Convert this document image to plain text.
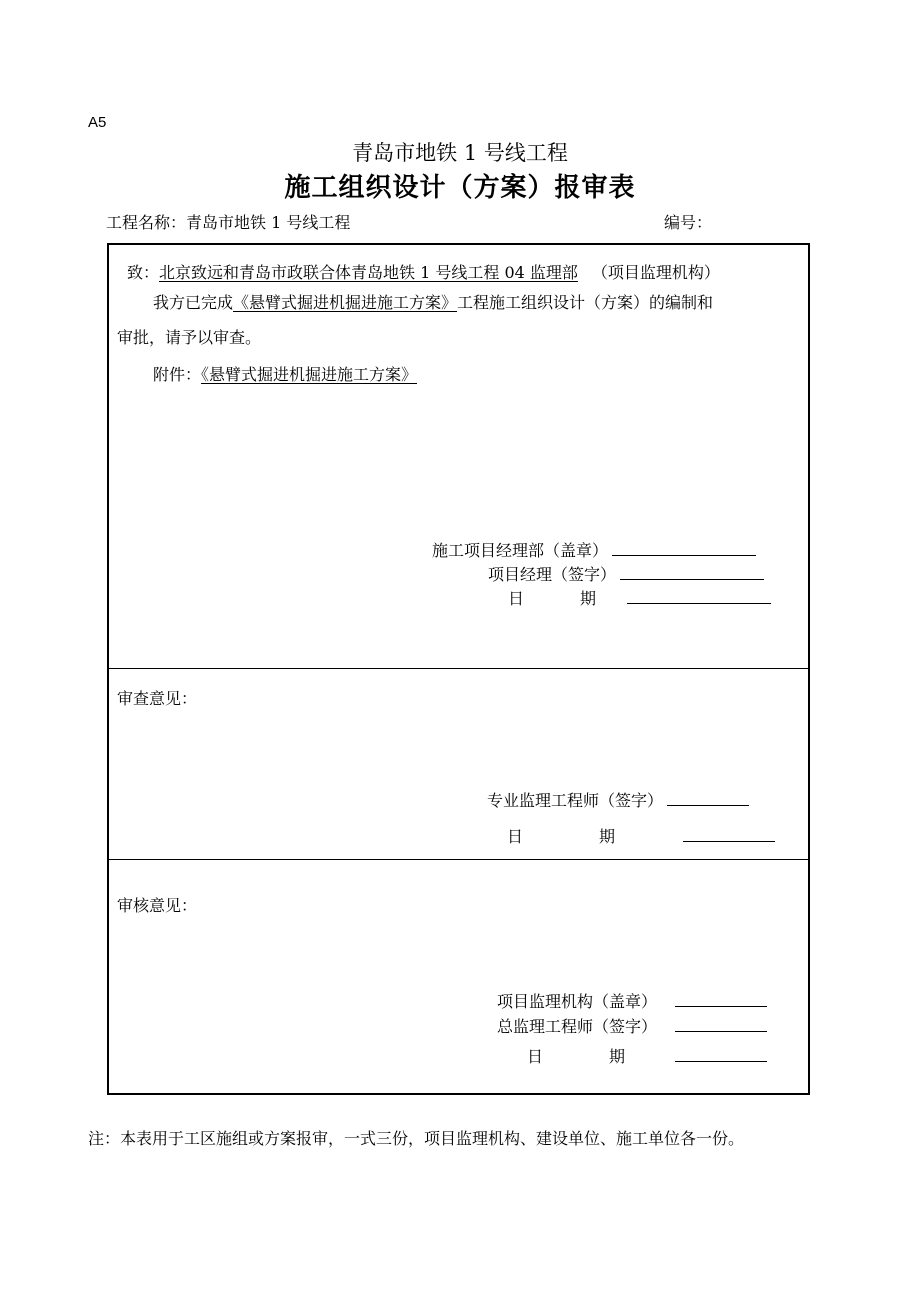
A5
青岛市地铁 1 号线工程
施工组织设计（方案）报审表
工程名称：青岛市地铁 1 号线工程	编号：
致：北京致远和青岛市政联合体青岛地铁 1 号线工程 04 监理部 （项目监理机构）
我方已完成《悬臂式掘进机掘进施工方案》工程施工组织设计（方案）的编制和
审批，请予以审查。
附件：《悬臂式掘进机掘进施工方案》
施工项目经理部（盖章）
项目经理（签字）
日	期
审查意见：
专业监理工程师（签字）
日	期
审核意见：
项目监理机构（盖章）
总监理工程师（签字）
日	期
注：本表用于工区施组或方案报审，一式三份，项目监理机构、建设单位、施工单位各一份。
